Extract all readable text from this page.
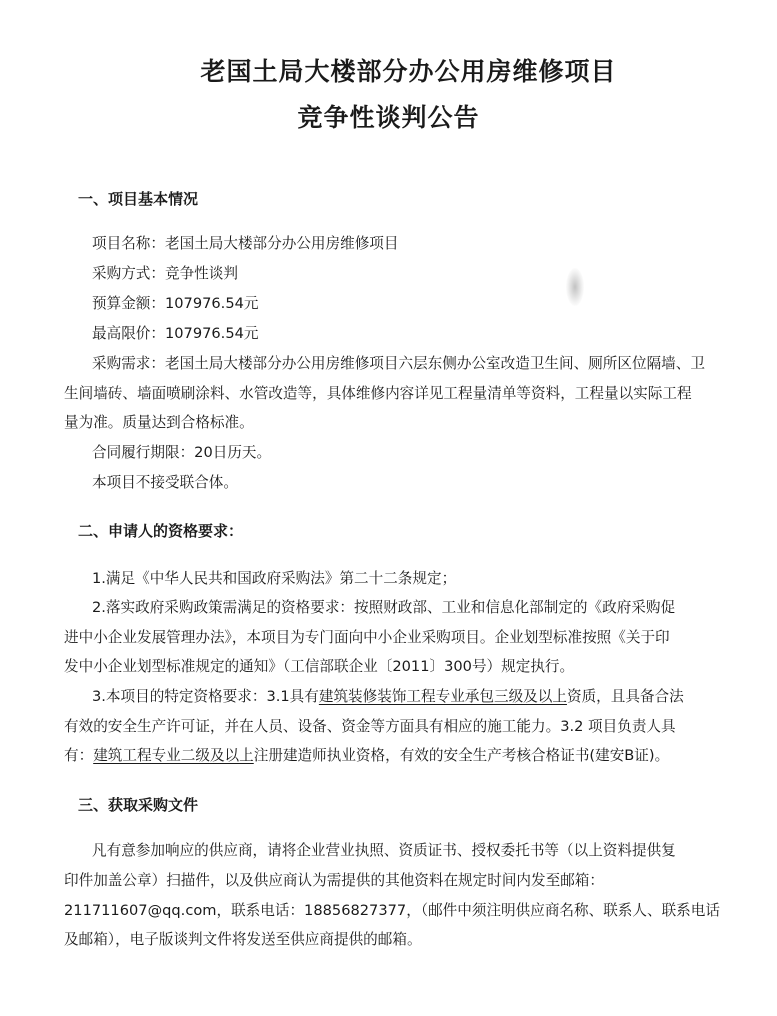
老国土局大楼部分办公用房维修项目
竞争性谈判公告
一、项目基本情况
项目名称：老国土局大楼部分办公用房维修项目
采购方式：竞争性谈判
预算金额：107976.54元
最高限价：107976.54元
采购需求：老国土局大楼部分办公用房维修项目六层东侧办公室改造卫生间、厕所区位隔墙、卫
生间墙砖、墙面喷刷涂料、水管改造等，具体维修内容详见工程量清单等资料，工程量以实际工程
量为准。质量达到合格标准。
合同履行期限：20日历天。
本项目不接受联合体。
二、申请人的资格要求：
1.满足《中华人民共和国政府采购法》第二十二条规定；
2.落实政府采购政策需满足的资格要求：按照财政部、工业和信息化部制定的《政府采购促
进中小企业发展管理办法》，本项目为专门面向中小企业采购项目。企业划型标准按照《关于印
发中小企业划型标准规定的通知》（工信部联企业〔2011〕300号）规定执行。
3.本项目的特定资格要求：3.1具有建筑装修装饰工程专业承包三级及以上资质，且具备合法
有效的安全生产许可证，并在人员、设备、资金等方面具有相应的施工能力。3.2 项目负责人具
有：建筑工程专业二级及以上注册建造师执业资格，有效的安全生产考核合格证书(建安B证)。
三、获取采购文件
凡有意参加响应的供应商，请将企业营业执照、资质证书、授权委托书等（以上资料提供复
印件加盖公章）扫描件，以及供应商认为需提供的其他资料在规定时间内发至邮箱：
211711607@qq.com，联系电话：18856827377，（邮件中须注明供应商名称、联系人、联系电话
及邮箱），电子版谈判文件将发送至供应商提供的邮箱。
